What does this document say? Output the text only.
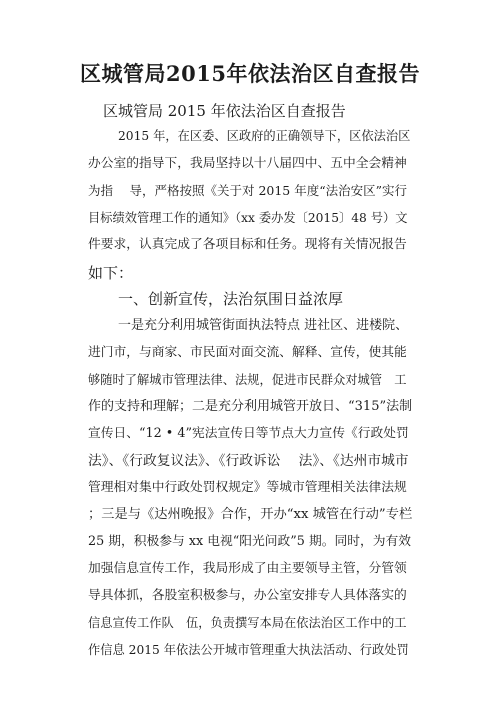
区城管局2015年依法治区自查报告
区城管局 2015 年依法治区自查报告
2015 年，在区委、区政府的正确领导下，区依法治区
办公室的指导下，我局坚持以十八届四中、五中全会精神
为指　 导，严格按照《关于对 2015 年度“法治安区”实行
目标绩效管理工作的通知》（xx 委办发〔2015〕48 号）文
件要求，认真完成了各项目标和任务。现将有关情况报告
如下：
一、创新宣传，法治氛围日益浓厚
一是充分利用城管街面执法特点 进社区、进楼院、
进门市，与商家、市民面对面交流、解释、宣传，使其能
够随时了解城市管理法律、法规，促进市民群众对城管　工
作的支持和理解；二是充分利用城管开放日、“315”法制
宣传日、“12 • 4”宪法宣传日等节点大力宣传《行政处罚
法》、《行政复议法》、《行政诉讼　 法》、《达州市城市
管理相对集中行政处罚权规定》等城市管理相关法律法规
；三是与《达州晚报》合作，开办“xx 城管在行动”专栏
25 期，积极参与 xx 电视“阳光问政”5 期。同时，为有效
加强信息宣传工作，我局形成了由主要领导主管，分管领
导具体抓，各股室积极参与，办公室安排专人具体落实的
信息宣传工作队　伍，负责撰写本局在依法治区工作中的工
作信息 2015 年依法公开城市管理重大执法活动、行政处罚
